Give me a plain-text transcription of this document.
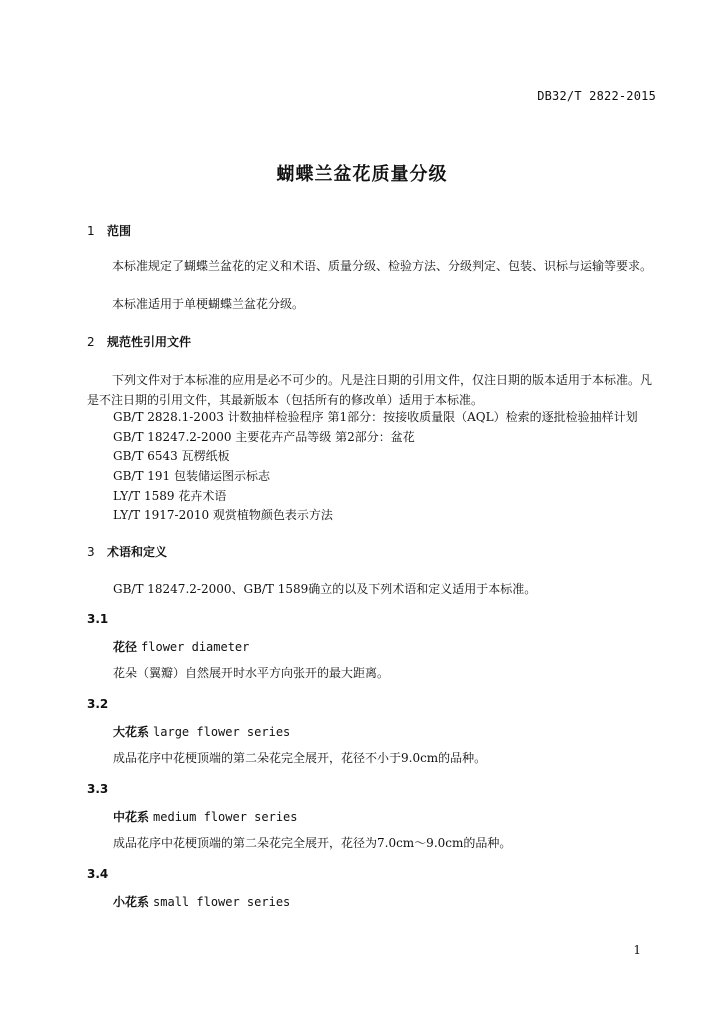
DB32/T 2822-2015
蝴蝶兰盆花质量分级
1 范围
本标准规定了蝴蝶兰盆花的定义和术语、质量分级、检验方法、分级判定、包装、识标与运输等要求。
本标准适用于单梗蝴蝶兰盆花分级。
2 规范性引用文件
下列文件对于本标准的应用是必不可少的。凡是注日期的引用文件，仅注日期的版本适用于本标准。凡是不注日期的引用文件，其最新版本（包括所有的修改单）适用于本标准。
GB/T 2828.1-2003 计数抽样检验程序 第1部分：按接收质量限（AQL）检索的逐批检验抽样计划
GB/T 18247.2-2000 主要花卉产品等级 第2部分：盆花
GB/T 6543 瓦楞纸板
GB/T 191 包装储运图示标志
LY/T 1589 花卉术语
LY/T 1917-2010 观赏植物颜色表示方法
3 术语和定义
GB/T 18247.2-2000、GB/T 1589确立的以及下列术语和定义适用于本标准。
3.1
花径 flower diameter
花朵（翼瓣）自然展开时水平方向张开的最大距离。
3.2
大花系 large flower series
成品花序中花梗顶端的第二朵花完全展开，花径不小于9.0cm的品种。
3.3
中花系 medium flower series
成品花序中花梗顶端的第二朵花完全展开，花径为7.0cm～9.0cm的品种。
3.4
小花系 small flower series
1
